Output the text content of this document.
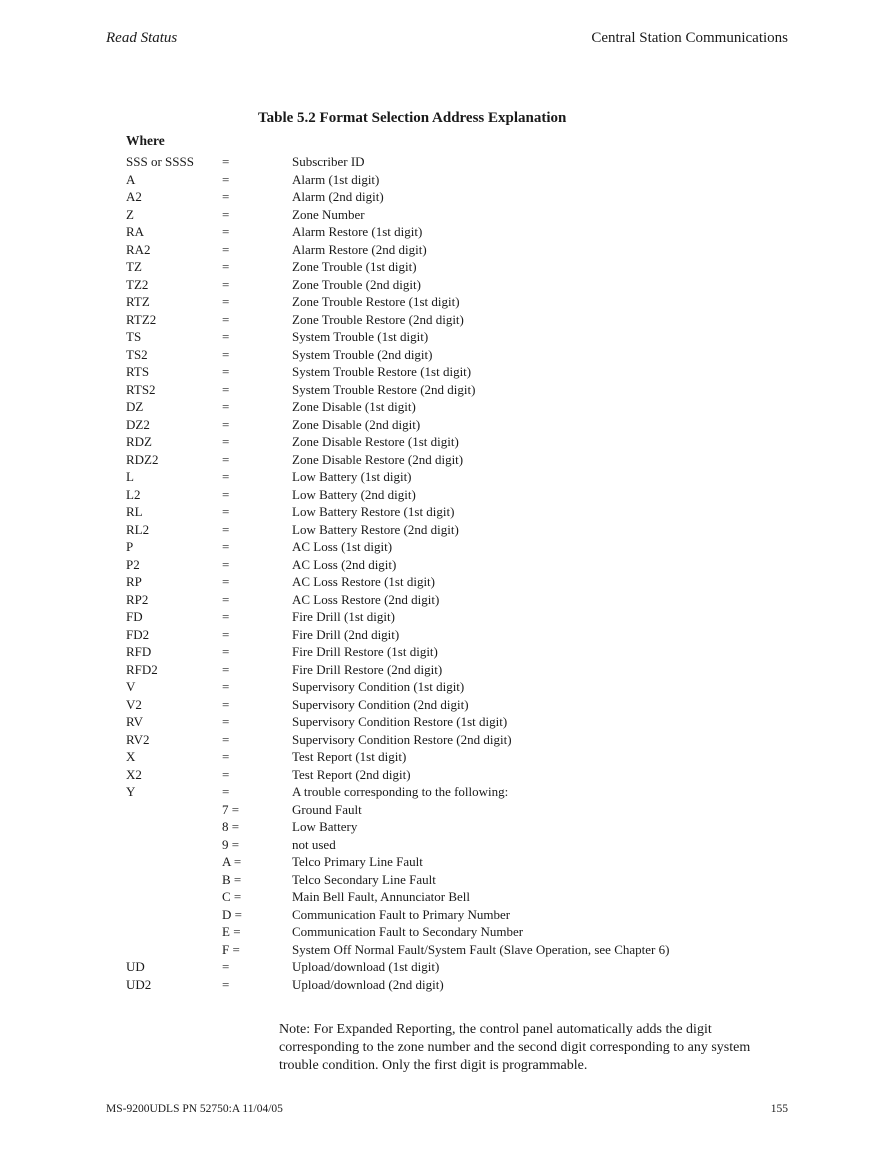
Read Status	Central Station Communications
Table 5.2 Format Selection Address Explanation
Where
SSS or SSSS =	Subscriber ID
A	=	Alarm (1st digit)
A2	=	Alarm (2nd digit)
Z	=	Zone Number
RA	=	Alarm Restore (1st digit)
RA2	=	Alarm Restore (2nd digit)
TZ	=	Zone Trouble (1st digit)
TZ2	=	Zone Trouble (2nd digit)
RTZ	=	Zone Trouble Restore (1st digit)
RTZ2	=	Zone Trouble Restore (2nd digit)
TS	=	System Trouble (1st digit)
TS2	=	System Trouble (2nd digit)
RTS	=	System Trouble Restore (1st digit)
RTS2	=	System Trouble Restore (2nd digit)
DZ	=	Zone Disable (1st digit)
DZ2	=	Zone Disable (2nd digit)
RDZ	=	Zone Disable Restore (1st digit)
RDZ2	=	Zone Disable Restore (2nd digit)
L	=	Low Battery (1st digit)
L2	=	Low Battery (2nd digit)
RL	=	Low Battery Restore (1st digit)
RL2	=	Low Battery Restore (2nd digit)
P	=	AC Loss (1st digit)
P2	=	AC Loss (2nd digit)
RP	=	AC Loss Restore (1st digit)
RP2	=	AC Loss Restore (2nd digit)
FD	=	Fire Drill (1st digit)
FD2	=	Fire Drill (2nd digit)
RFD	=	Fire Drill Restore (1st digit)
RFD2	=	Fire Drill Restore (2nd digit)
V	=	Supervisory Condition (1st digit)
V2	=	Supervisory Condition (2nd digit)
RV	=	Supervisory Condition Restore (1st digit)
RV2	=	Supervisory Condition Restore (2nd digit)
X	=	Test Report (1st digit)
X2	=	Test Report (2nd digit)
Y	=	A trouble corresponding to the following:
7 =	Ground Fault
8 =	Low Battery
9 =	not used
A =	Telco Primary Line Fault
B =	Telco Secondary Line Fault
C =	Main Bell Fault, Annunciator Bell
D =	Communication Fault to Primary Number
E =	Communication Fault to Secondary Number
F =	System Off Normal Fault/System Fault (Slave Operation, see Chapter 6)
UD	=	Upload/download (1st digit)
UD2	=	Upload/download (2nd digit)
Note: For Expanded Reporting, the control panel automatically adds the digit corresponding to the zone number and the second digit corresponding to any system trouble condition. Only the first digit is programmable.
MS-9200UDLS PN 52750:A 11/04/05	155
